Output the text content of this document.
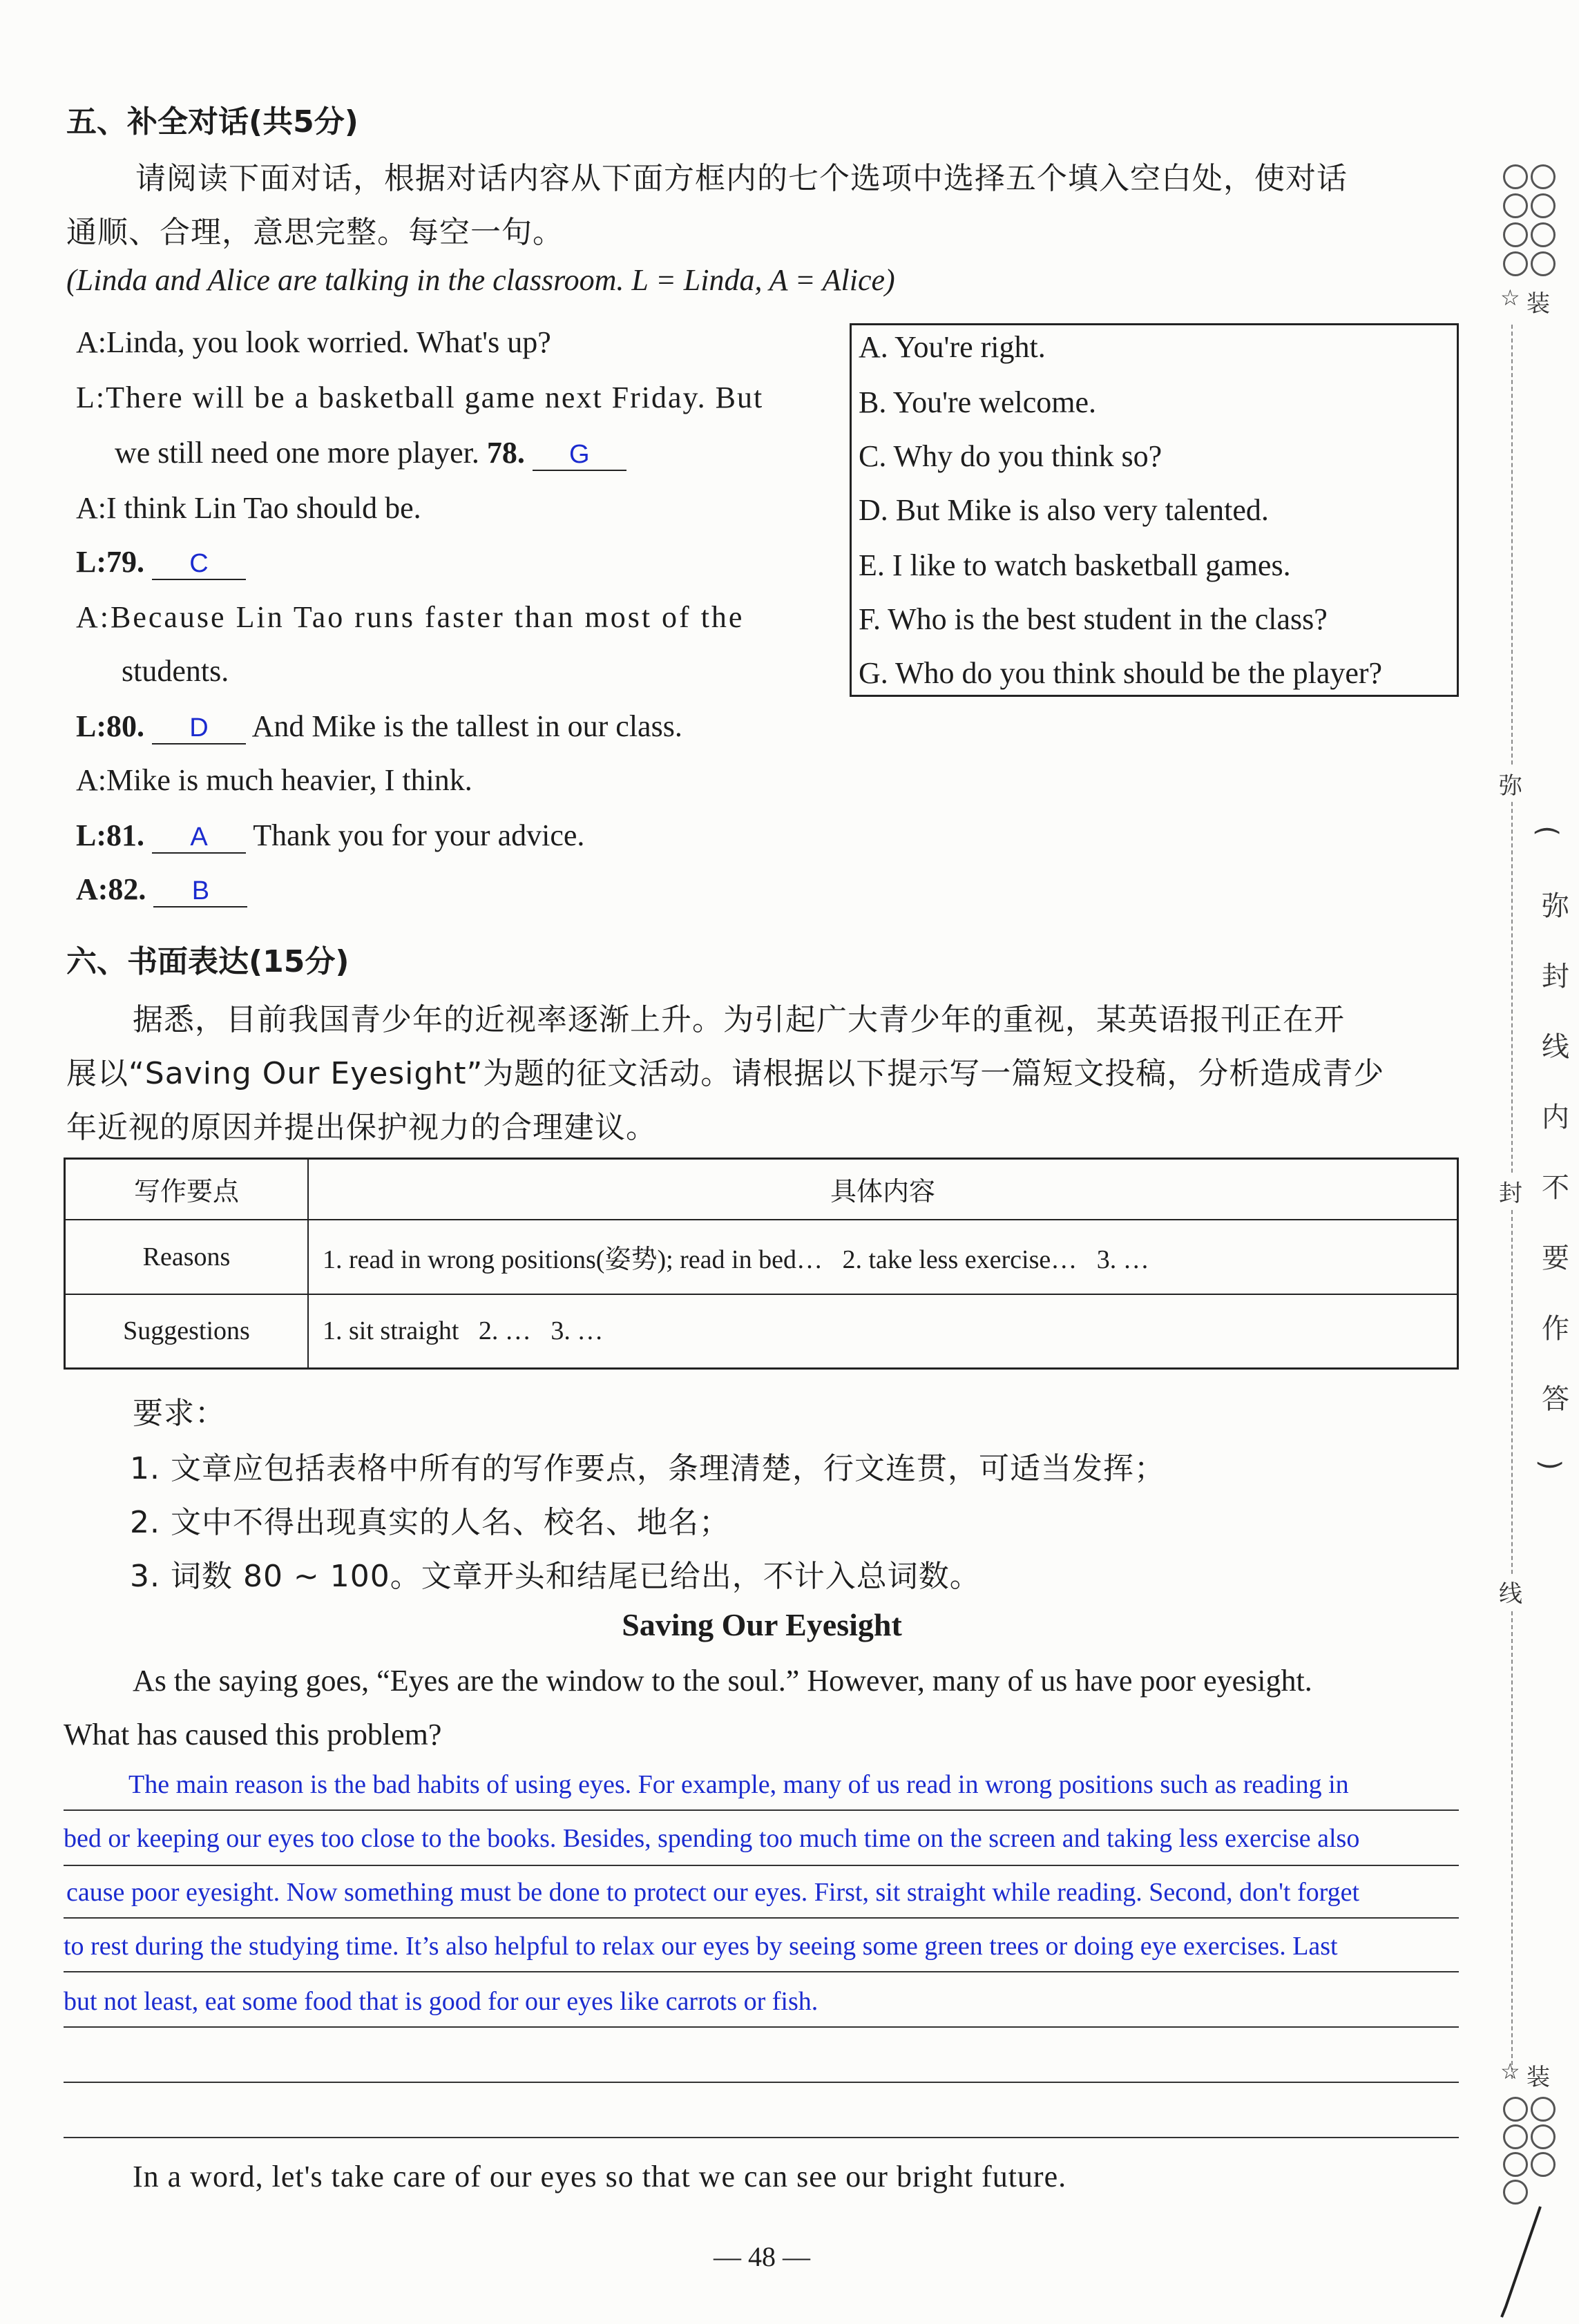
五、补全对话(共5分)
请阅读下面对话，根据对话内容从下面方框内的七个选项中选择五个填入空白处，使对话
通顺、合理，意思完整。每空一句。
(Linda and Alice are talking in the classroom. L = Linda, A = Alice)
A:Linda, you look worried. What's up?
L:There will be a basketball game next Friday. But
we still need one more player. 78. G
A:I think Lin Tao should be.
L:79. C
A:Because Lin Tao runs faster than most of the
students.
L:80. D And Mike is the tallest in our class.
A:Mike is much heavier, I think.
L:81. A Thank you for your advice.
A:82. B
A. You're right.
B. You're welcome.
C. Why do you think so?
D. But Mike is also very talented.
E. I like to watch basketball games.
F. Who is the best student in the class?
G. Who do you think should be the player?
六、书面表达(15分)
据悉，目前我国青少年的近视率逐渐上升。为引起广大青少年的重视，某英语报刊正在开
展以“Saving Our Eyesight”为题的征文活动。请根据以下提示写一篇短文投稿，分析造成青少
年近视的原因并提出保护视力的合理建议。
写作要点	具体内容
Reasons	1. read in wrong positions(姿势); read in bed…   2. take less exercise…   3. …
Suggestions	1. sit straight   2. …   3. …
要求：
1. 文章应包括表格中所有的写作要点，条理清楚，行文连贯，可适当发挥；
2. 文中不得出现真实的人名、校名、地名；
3. 词数 80 ~ 100。文章开头和结尾已给出，不计入总词数。
Saving Our Eyesight
As the saying goes, “Eyes are the window to the soul.” However, many of us have poor eyesight.
What has caused this problem?
The main reason is the bad habits of using eyes. For example, many of us read in wrong positions such as reading in
bed or keeping our eyes too close to the books. Besides, spending too much time on the screen and taking less exercise also
cause poor eyesight. Now something must be done to protect our eyes. First, sit straight while reading. Second, don't forget
to rest during the studying time. It’s also helpful to relax our eyes by seeing some green trees or doing eye exercises. Last
but not least, eat some food that is good for our eyes like carrots or fish.
In a word, let's take care of our eyes so that we can see our bright future.
— 48 —
☆ 装
弥
封
线
(
弥
封
线
内
不
要
作
答
)
☆ 装
